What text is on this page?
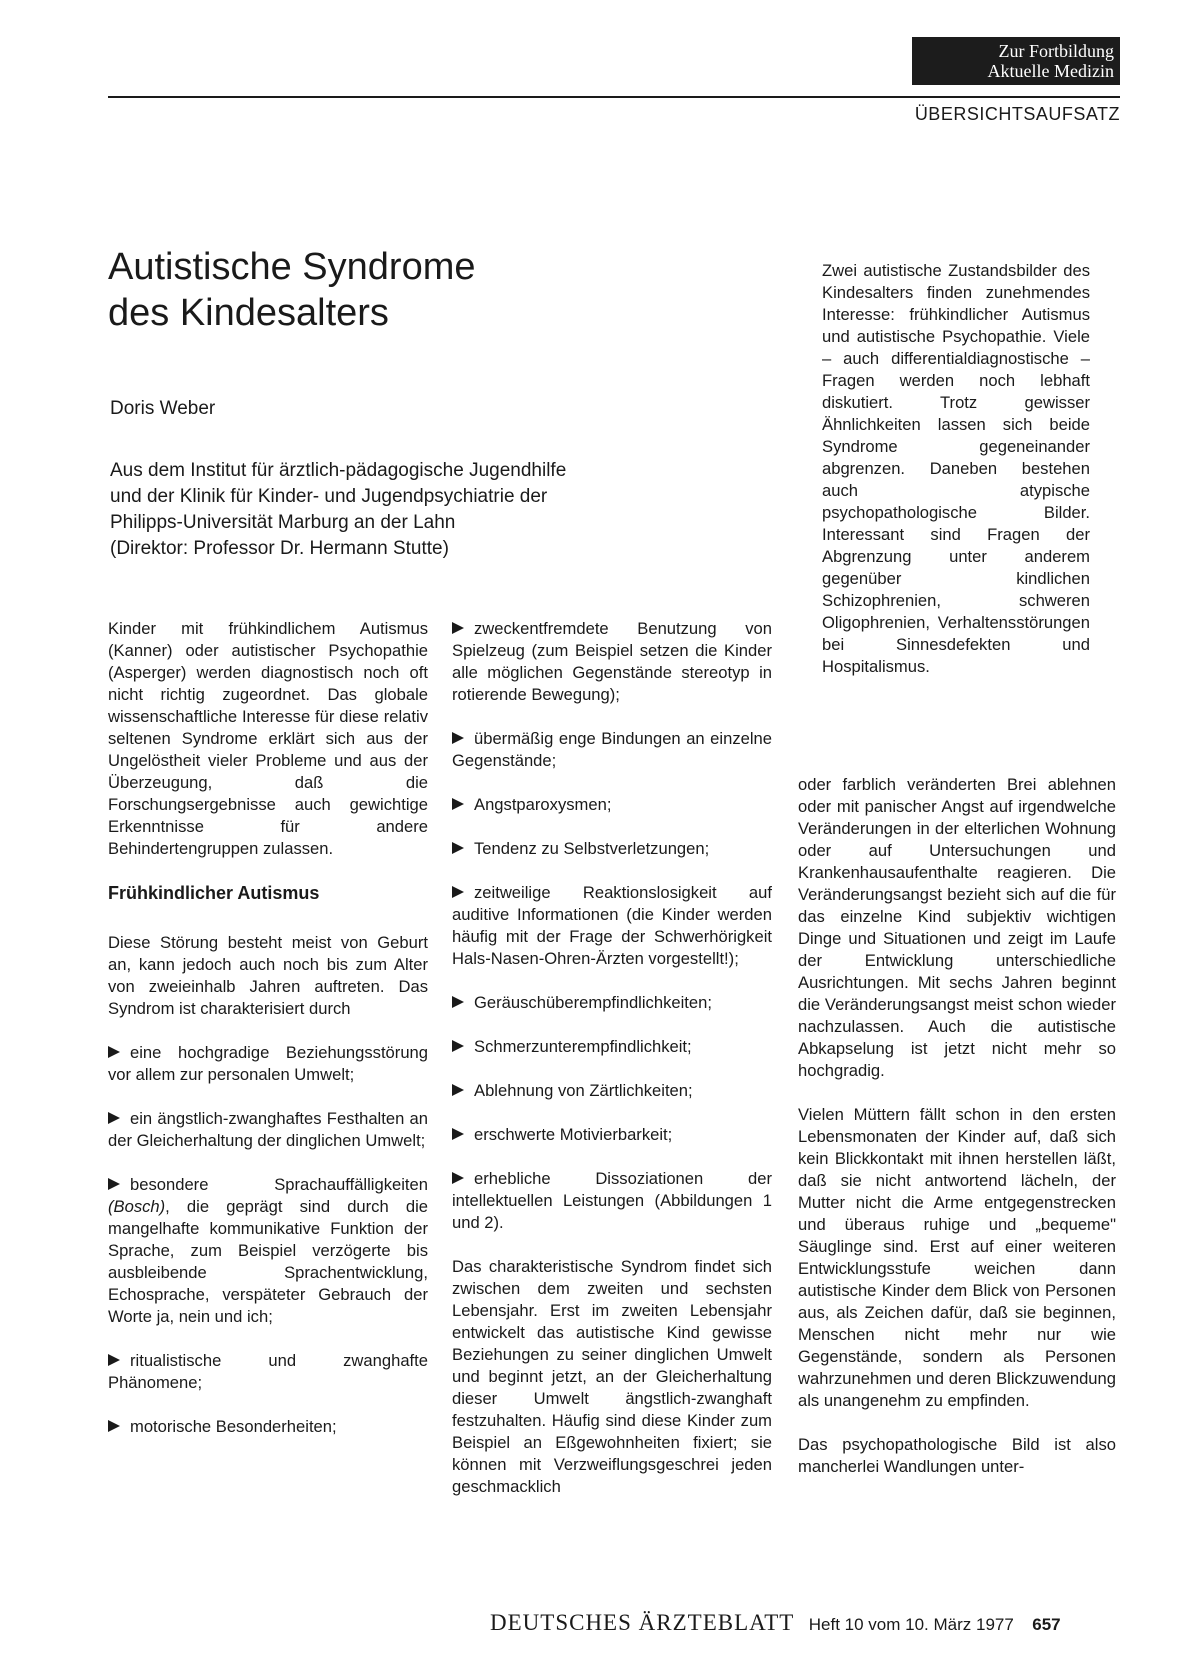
Zur Fortbildung
Aktuelle Medizin
ÜBERSICHTSAUFSATZ
Autistische Syndrome
des Kindesalters
Doris Weber
Aus dem Institut für ärztlich-pädagogische Jugendhilfe
und der Klinik für Kinder- und Jugendpsychiatrie der
Philipps-Universität Marburg an der Lahn
(Direktor: Professor Dr. Hermann Stutte)

Zwei autistische Zustandsbilder des Kindesalters finden zunehmendes Interesse: frühkindlicher Autismus und autistische Psychopathie. Viele – auch differentialdiagnostische – Fragen werden noch lebhaft diskutiert. Trotz gewisser Ähnlichkeiten lassen sich beide Syndrome gegeneinander abgrenzen. Daneben bestehen auch atypische psychopathologische Bilder. Interessant sind Fragen der Abgrenzung unter anderem gegenüber kindlichen Schizophrenien, schweren Oligophrenien, Verhaltensstörungen bei Sinnesdefekten und Hospitalismus.

Kinder mit frühkindlichem Autismus (Kanner) oder autistischer Psychopathie (Asperger) werden diagnostisch noch oft nicht richtig zugeordnet. Das globale wissenschaftliche Interesse für diese relativ seltenen Syndrome erklärt sich aus der Ungelöstheit vieler Probleme und aus der Überzeugung, daß die Forschungsergebnisse auch gewichtige Erkenntnisse für andere Behindertengruppen zulassen.

Frühkindlicher Autismus

Diese Störung besteht meist von Geburt an, kann jedoch auch noch bis zum Alter von zweieinhalb Jahren auftreten. Das Syndrom ist charakterisiert durch

eine hochgradige Beziehungsstörung vor allem zur personalen Umwelt;
ein ängstlich-zwanghaftes Festhalten an der Gleicherhaltung der dinglichen Umwelt;
besondere Sprachauffälligkeiten (Bosch), die geprägt sind durch die mangelhafte kommunikative Funktion der Sprache, zum Beispiel verzögerte bis ausbleibende Sprachentwicklung, Echosprache, verspäteter Gebrauch der Worte ja, nein und ich;
ritualistische und zwanghafte Phänomene;
motorische Besonderheiten;
zweckentfremdete Benutzung von Spielzeug (zum Beispiel setzen die Kinder alle möglichen Gegenstände stereotyp in rotierende Bewegung);
übermäßig enge Bindungen an einzelne Gegenstände;
Angstparoxysmen;
Tendenz zu Selbstverletzungen;
zeitweilige Reaktionslosigkeit auf auditive Informationen (die Kinder werden häufig mit der Frage der Schwerhörigkeit Hals-Nasen-Ohren-Ärzten vorgestellt!);
Geräuschüberempfindlichkeiten;
Schmerzunterempfindlichkeit;
Ablehnung von Zärtlichkeiten;
erschwerte Motivierbarkeit;
erhebliche Dissoziationen der intellektuellen Leistungen (Abbildungen 1 und 2).

Das charakteristische Syndrom findet sich zwischen dem zweiten und sechsten Lebensjahr. Erst im zweiten Lebensjahr entwickelt das autistische Kind gewisse Beziehungen zu seiner dinglichen Umwelt und beginnt jetzt, an der Gleicherhaltung dieser Umwelt ängstlich-zwanghaft festzuhalten. Häufig sind diese Kinder zum Beispiel an Eßgewohnheiten fixiert; sie können mit Verzweiflungsgeschrei jeden geschmacklich

oder farblich veränderten Brei ablehnen oder mit panischer Angst auf irgendwelche Veränderungen in der elterlichen Wohnung oder auf Untersuchungen und Krankenhausaufenthalte reagieren. Die Veränderungsangst bezieht sich auf die für das einzelne Kind subjektiv wichtigen Dinge und Situationen und zeigt im Laufe der Entwicklung unterschiedliche Ausrichtungen. Mit sechs Jahren beginnt die Veränderungsangst meist schon wieder nachzulassen. Auch die autistische Abkapselung ist jetzt nicht mehr so hochgradig.

Vielen Müttern fällt schon in den ersten Lebensmonaten der Kinder auf, daß sich kein Blickkontakt mit ihnen herstellen läßt, daß sie nicht antwortend lächeln, der Mutter nicht die Arme entgegenstrecken und überaus ruhige und „bequeme" Säuglinge sind. Erst auf einer weiteren Entwicklungsstufe weichen dann autistische Kinder dem Blick von Personen aus, als Zeichen dafür, daß sie beginnen, Menschen nicht mehr nur wie Gegenstände, sondern als Personen wahrzunehmen und deren Blickzuwendung als unangenehm zu empfinden.

Das psychopathologische Bild ist also mancherlei Wandlungen unter-

DEUTSCHES ÄRZTEBLATT Heft 10 vom 10. März 1977 657
